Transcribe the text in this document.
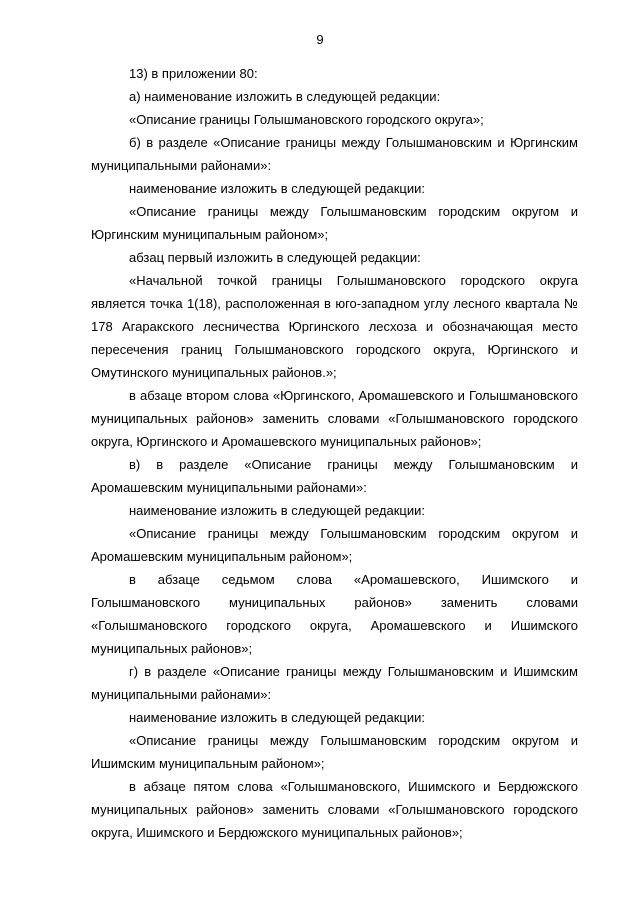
9

13) в приложении 80:

а) наименование изложить в следующей редакции:

«Описание границы Голышмановского городского округа»;

б) в разделе «Описание границы между Голышмановским и Юргинским муниципальными районами»:

наименование изложить в следующей редакции:

«Описание границы между Голышмановским городским округом и Юргинским муниципальным районом»;

абзац первый изложить в следующей редакции:

«Начальной точкой границы Голышмановского городского округа является точка 1(18), расположенная в юго-западном углу лесного квартала № 178 Агаракского лесничества Юргинского лесхоза и обозначающая место пересечения границ Голышмановского городского округа, Юргинского и Омутинского муниципальных районов.»;

в абзаце втором слова «Юргинского, Аромашевского и Голышмановского муниципальных районов» заменить словами «Голышмановского городского округа, Юргинского и Аромашевского муниципальных районов»;

в) в разделе «Описание границы между Голышмановским и Аромашевским муниципальными районами»:

наименование изложить в следующей редакции:

«Описание границы между Голышмановским городским округом и Аромашевским муниципальным районом»;

в абзаце седьмом слова «Аромашевского, Ишимского и Голышмановского муниципальных районов» заменить словами «Голышмановского городского округа, Аромашевского и Ишимского муниципальных районов»;

г) в разделе «Описание границы между Голышмановским и Ишимским муниципальными районами»:

наименование изложить в следующей редакции:

«Описание границы между Голышмановским городским округом и Ишимским муниципальным районом»;

в абзаце пятом слова «Голышмановского, Ишимского и Бердюжского муниципальных районов» заменить словами «Голышмановского городского округа, Ишимского и Бердюжского муниципальных районов»;
